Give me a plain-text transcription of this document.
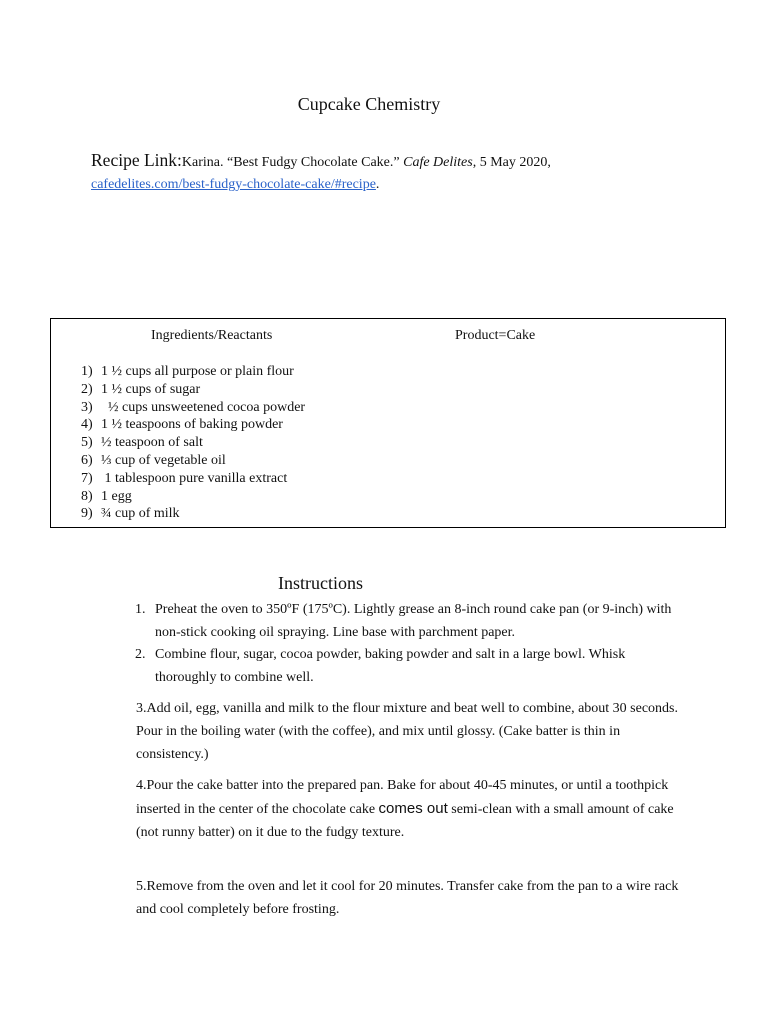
Cupcake Chemistry
Recipe Link:Karina. “Best Fudgy Chocolate Cake.” Cafe Delites, 5 May 2020,
cafedelites.com/best-fudgy-chocolate-cake/#recipe.
Ingredients/Reactants	Product=Cake
1) 1 ½ cups all purpose or plain flour
2) 1 ½ cups of sugar
3)  ½ cups unsweetened cocoa powder
4) 1 ½ teaspoons of baking powder
5) ½ teaspoon of salt
6) ⅓ cup of vegetable oil
7) 1 tablespoon pure vanilla extract
8) 1 egg
9) ¾ cup of milk
Instructions
1. Preheat the oven to 350ºF (175ºC). Lightly grease an 8-inch round cake pan (or 9-inch) with non-stick cooking oil spraying. Line base with parchment paper.
2. Combine flour, sugar, cocoa powder, baking powder and salt in a large bowl. Whisk thoroughly to combine well.

3.Add oil, egg, vanilla and milk to the flour mixture and beat well to combine, about 30 seconds. Pour in the boiling water (with the coffee), and mix until glossy. (Cake batter is thin in consistency.)

4.Pour the cake batter into the prepared pan. Bake for about 40-45 minutes, or until a toothpick inserted in the center of the chocolate cake comes out semi-clean with a small amount of cake (not runny batter) on it due to the fudgy texture.

5.Remove from the oven and let it cool for 20 minutes. Transfer cake from the pan to a wire rack and cool completely before frosting.
